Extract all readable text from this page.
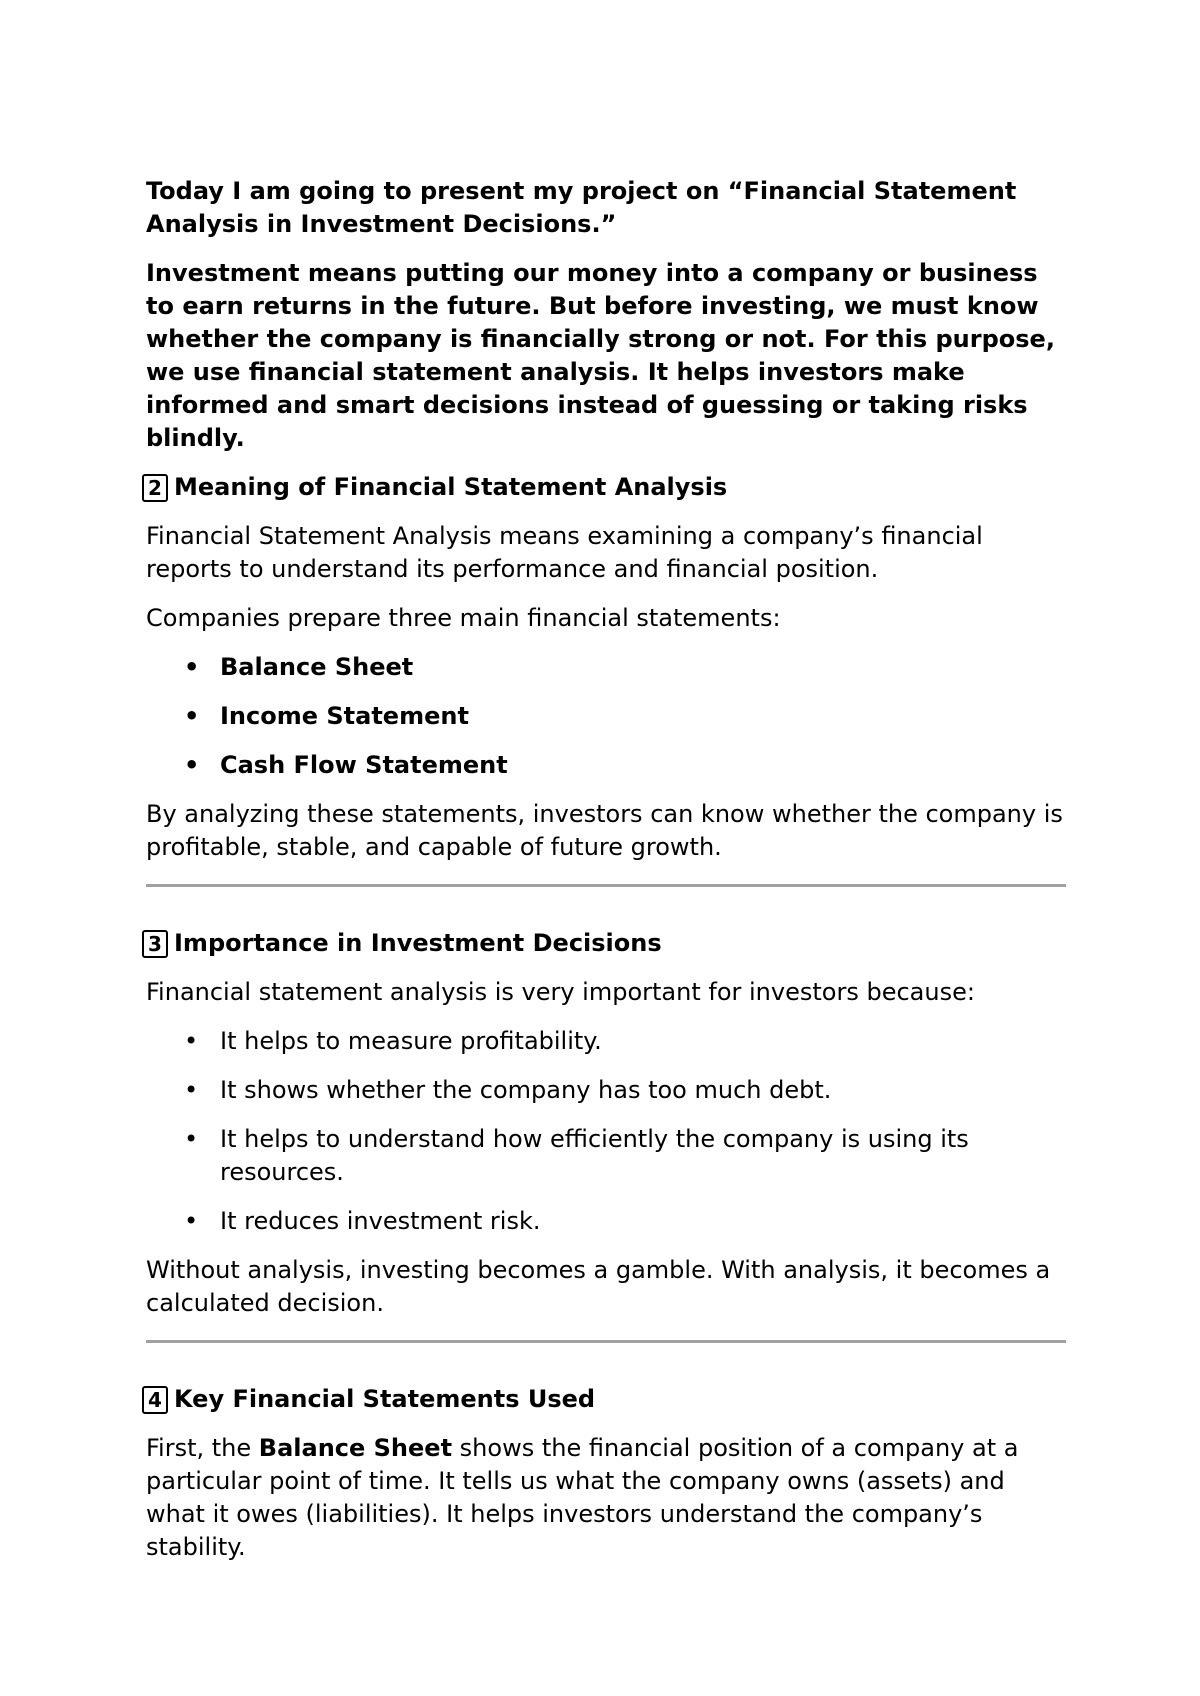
Today I am going to present my project on “Financial Statement Analysis in Investment Decisions.”

Investment means putting our money into a company or business to earn returns in the future. But before investing, we must know whether the company is financially strong or not. For this purpose, we use financial statement analysis. It helps investors make informed and smart decisions instead of guessing or taking risks blindly.

2 Meaning of Financial Statement Analysis

Financial Statement Analysis means examining a company’s financial reports to understand its performance and financial position.

Companies prepare three main financial statements:

• Balance Sheet
• Income Statement
• Cash Flow Statement

By analyzing these statements, investors can know whether the company is profitable, stable, and capable of future growth.

3 Importance in Investment Decisions

Financial statement analysis is very important for investors because:

• It helps to measure profitability.
• It shows whether the company has too much debt.
• It helps to understand how efficiently the company is using its resources.
• It reduces investment risk.

Without analysis, investing becomes a gamble. With analysis, it becomes a calculated decision.

4 Key Financial Statements Used

First, the Balance Sheet shows the financial position of a company at a particular point of time. It tells us what the company owns (assets) and what it owes (liabilities). It helps investors understand the company’s stability.
